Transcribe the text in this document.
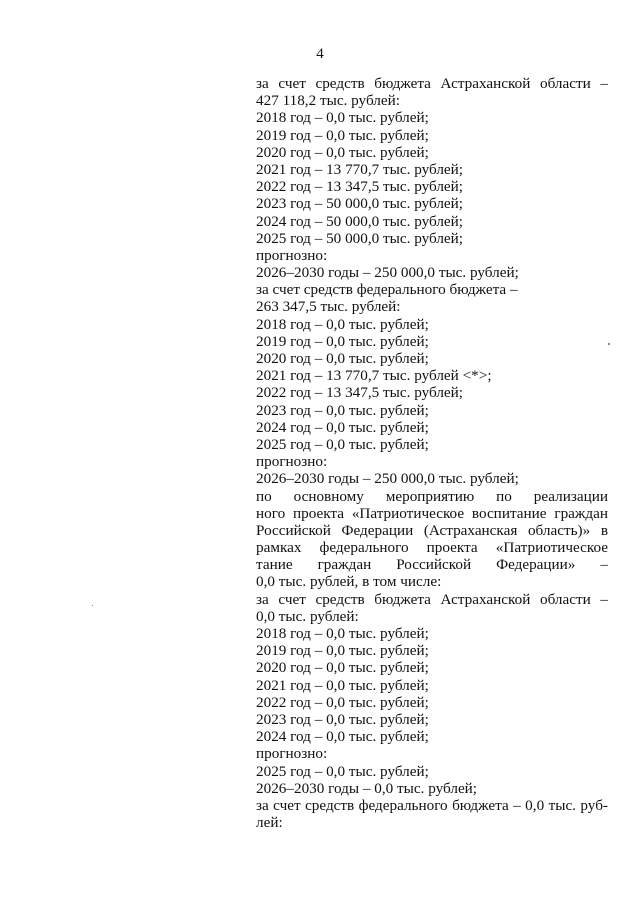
4
за счет средств бюджета Астраханской области –
427 118,2 тыс. рублей:
2018 год – 0,0 тыс. рублей;
2019 год – 0,0 тыс. рублей;
2020 год – 0,0 тыс. рублей;
2021 год – 13 770,7 тыс. рублей;
2022 год – 13 347,5 тыс. рублей;
2023 год – 50 000,0 тыс. рублей;
2024 год – 50 000,0 тыс. рублей;
2025 год – 50 000,0 тыс. рублей;
прогнозно:
2026–2030 годы – 250 000,0 тыс. рублей;
за счет средств федерального бюджета –
263 347,5 тыс. рублей:
2018 год – 0,0 тыс. рублей;
2019 год – 0,0 тыс. рублей;
2020 год – 0,0 тыс. рублей;
2021 год – 13 770,7 тыс. рублей <*>;
2022 год – 13 347,5 тыс. рублей;
2023 год – 0,0 тыс. рублей;
2024 год – 0,0 тыс. рублей;
2025 год – 0,0 тыс. рублей;
прогнозно:
2026–2030 годы – 250 000,0 тыс. рублей;
по основному мероприятию по реализации
ного проекта «Патриотическое воспитание граждан
Российской Федерации (Астраханская область)» в
рамках федерального проекта «Патриотическое
тание граждан Российской Федерации» –
0,0 тыс. рублей, в том числе:
за счет средств бюджета Астраханской области –
0,0 тыс. рублей:
2018 год – 0,0 тыс. рублей;
2019 год – 0,0 тыс. рублей;
2020 год – 0,0 тыс. рублей;
2021 год – 0,0 тыс. рублей;
2022 год – 0,0 тыс. рублей;
2023 год – 0,0 тыс. рублей;
2024 год – 0,0 тыс. рублей;
прогнозно:
2025 год – 0,0 тыс. рублей;
2026–2030 годы – 0,0 тыс. рублей;
за счет средств федерального бюджета – 0,0 тыс. руб-
лей:
